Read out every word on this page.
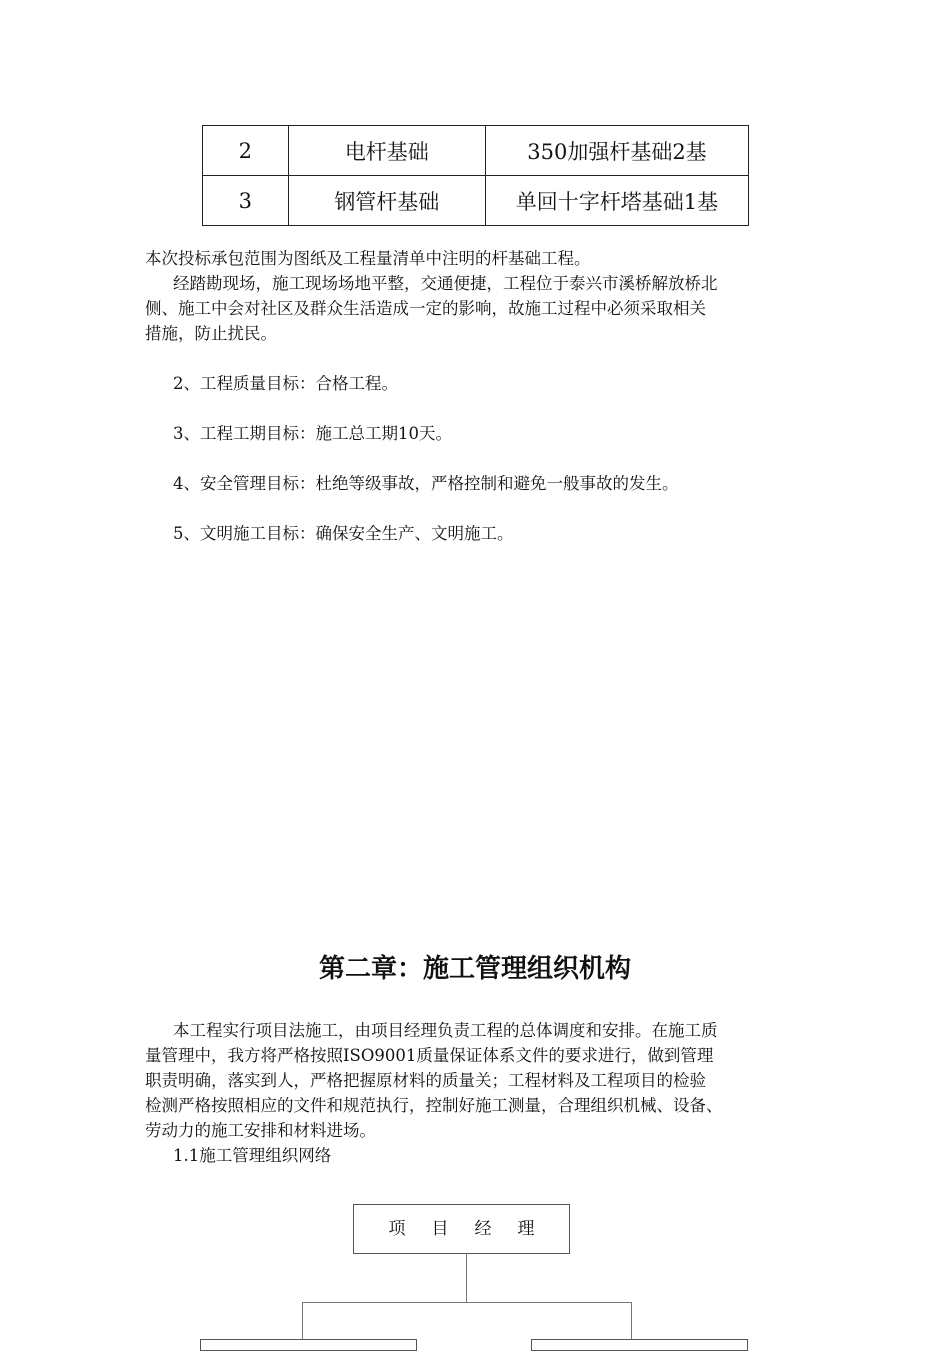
2	电杆基础	350加强杆基础2基
3	钢管杆基础	单回十字杆塔基础1基
本次投标承包范围为图纸及工程量清单中注明的杆基础工程。
经踏勘现场，施工现场场地平整，交通便捷，工程位于泰兴市溪桥解放桥北
侧、施工中会对社区及群众生活造成一定的影响，故施工过程中必须采取相关
措施，防止扰民。
2、工程质量目标：合格工程。
3、工程工期目标：施工总工期10天。
4、安全管理目标：杜绝等级事故，严格控制和避免一般事故的发生。
5、文明施工目标：确保安全生产、文明施工。
第二章：施工管理组织机构
本工程实行项目法施工，由项目经理负责工程的总体调度和安排。在施工质
量管理中，我方将严格按照ISO9001质量保证体系文件的要求进行，做到管理
职责明确，落实到人，严格把握原材料的质量关；工程材料及工程项目的检验
检测严格按照相应的文件和规范执行，控制好施工测量，合理组织机械、设备、
劳动力的施工安排和材料进场。
1.1施工管理组织网络
项目经理
